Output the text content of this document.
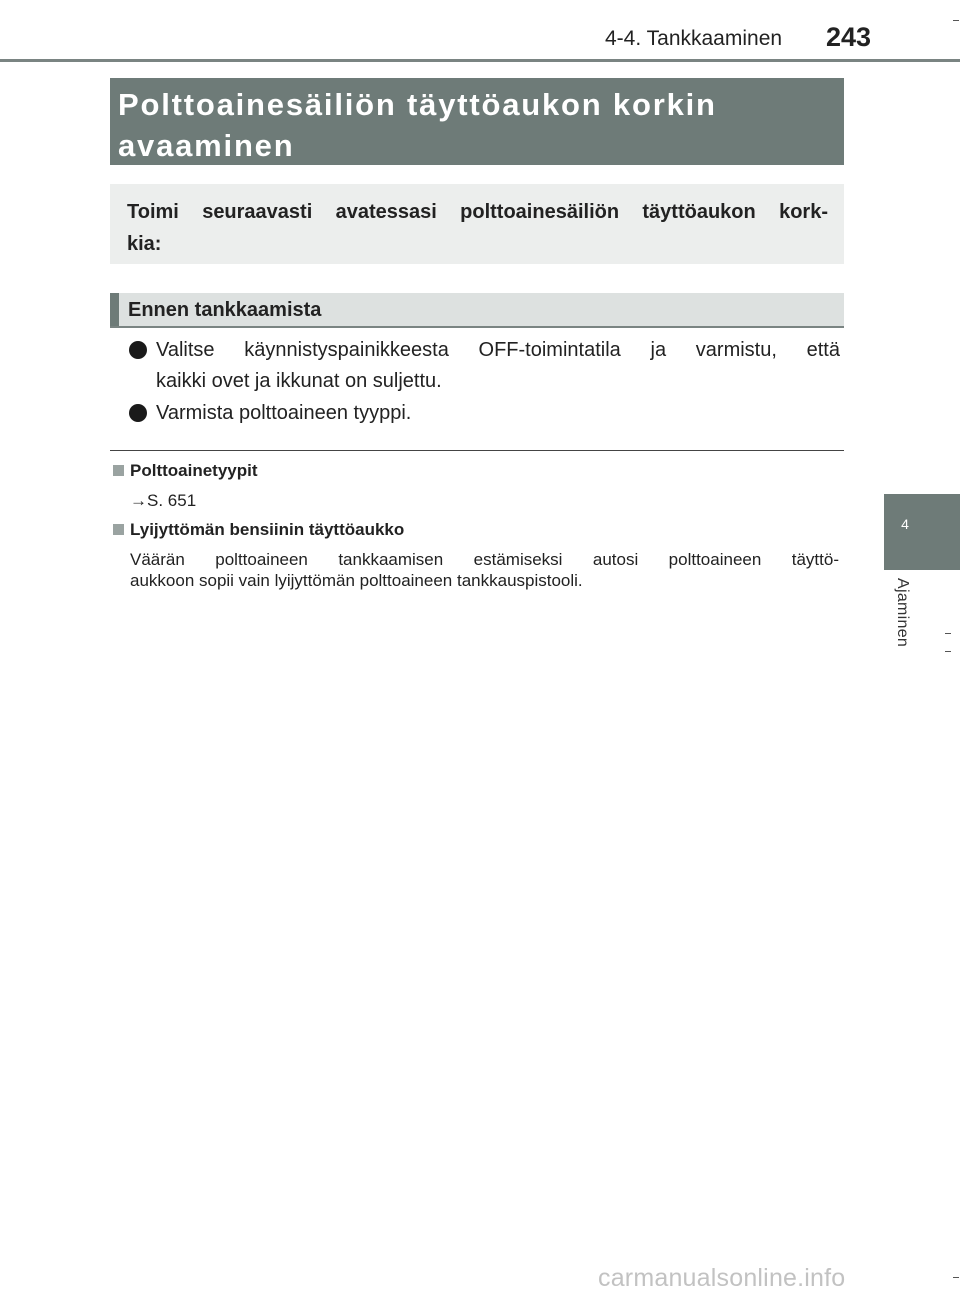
4-4. Tankkaaminen 243
Polttoainesäiliön täyttöaukon korkin
avaaminen
Toimi seuraavasti avatessasi polttoainesäiliön täyttöaukon kork-
kia:
Ennen tankkaamista
Valitse käynnistyspainikkeesta OFF-toimintatila ja varmistu, että
kaikki ovet ja ikkunat on suljettu.
Varmista polttoaineen tyyppi.
Polttoainetyypit
→S. 651
Lyijyttömän bensiinin täyttöaukko
Väärän polttoaineen tankkaamisen estämiseksi autosi polttoaineen täyttö-
aukkoon sopii vain lyijyttömän polttoaineen tankkauspistooli.
4
Ajaminen
carmanualsonline.info
